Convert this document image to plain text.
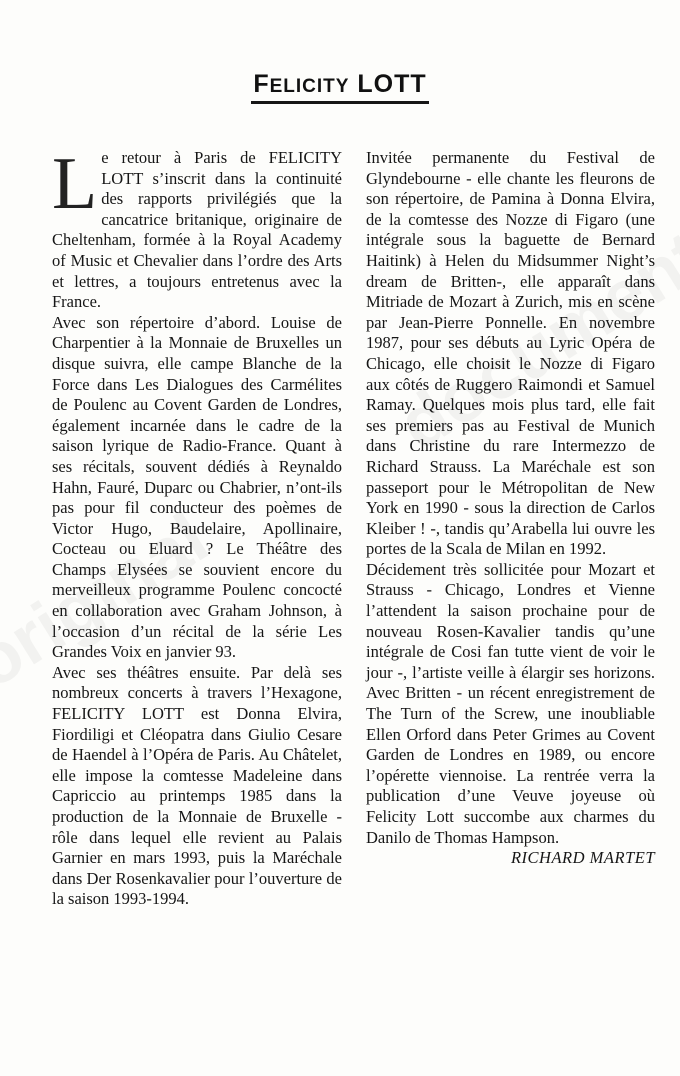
FELICITY LOTT

Le retour à Paris de FELICITY LOTT s’inscrit dans la continuité des rapports privilégiés que la cancatrice britanique, originaire de Cheltenham, formée à la Royal Academy of Music et Chevalier dans l’ordre des Arts et lettres, a toujours entretenus avec la France.

Avec son répertoire d’abord. Louise de Charpentier à la Monnaie de Bruxelles un disque suivra, elle campe Blanche de la Force dans Les Dialogues des Carmélites de Poulenc au Covent Garden de Londres, également incarnée dans le cadre de la saison lyrique de Radio-France. Quant à ses récitals, souvent dédiés à Reynaldo Hahn, Fauré, Duparc ou Chabrier, n’ont-ils pas pour fil conducteur des poèmes de Victor Hugo, Baudelaire, Apollinaire, Cocteau ou Eluard ? Le Théâtre des Champs Elysées se souvient encore du merveilleux programme Poulenc concocté en collaboration avec Graham Johnson, à l’occasion d’un récital de la série Les Grandes Voix en janvier 93.

Avec ses théâtres ensuite. Par delà ses nombreux concerts à travers l’Hexagone, FELICITY LOTT est Donna Elvira, Fiordiligi et Cléopatra dans Giulio Cesare de Haendel à l’Opéra de Paris. Au Châtelet, elle impose la comtesse Madeleine dans Capriccio au printemps 1985 dans la production de la Monnaie de Bruxelle - rôle dans lequel elle revient au Palais Garnier en mars 1993, puis la Maréchale dans Der Rosenkavalier pour l’ouverture de la saison 1993-1994.

Invitée permanente du Festival de Glyndebourne - elle chante les fleurons de son répertoire, de Pamina à Donna Elvira, de la comtesse des Nozze di Figaro (une intégrale sous la baguette de Bernard Haitink) à Helen du Midsummer Night’s dream de Britten-, elle apparaît dans Mitriade de Mozart à Zurich, mis en scène par Jean-Pierre Ponnelle. En novembre 1987, pour ses débuts au Lyric Opéra de Chicago, elle choisit le Nozze di Figaro aux côtés de Ruggero Raimondi et Samuel Ramay. Quelques mois plus tard, elle fait ses premiers pas au Festival de Munich dans Christine du rare Intermezzo de Richard Strauss. La Maréchale est son passeport pour le Métropolitan de New York en 1990 - sous la direction de Carlos Kleiber ! -, tandis qu’Arabella lui ouvre les portes de la Scala de Milan en 1992.

Décidement très sollicitée pour Mozart et Strauss - Chicago, Londres et Vienne l’attendent la saison prochaine pour de nouveau Rosen-Kavalier tandis qu’une intégrale de Cosi fan tutte vient de voir le jour -, l’artiste veille à élargir ses horizons. Avec Britten - un récent enregistrement de The Turn of the Screw, une inoubliable Ellen Orford dans Peter Grimes au Covent Garden de Londres en 1989, ou encore l’opérette viennoise. La rentrée verra la publication d’une Veuve joyeuse où Felicity Lott succombe aux charmes du Danilo de Thomas Hampson.

RICHARD MARTET
